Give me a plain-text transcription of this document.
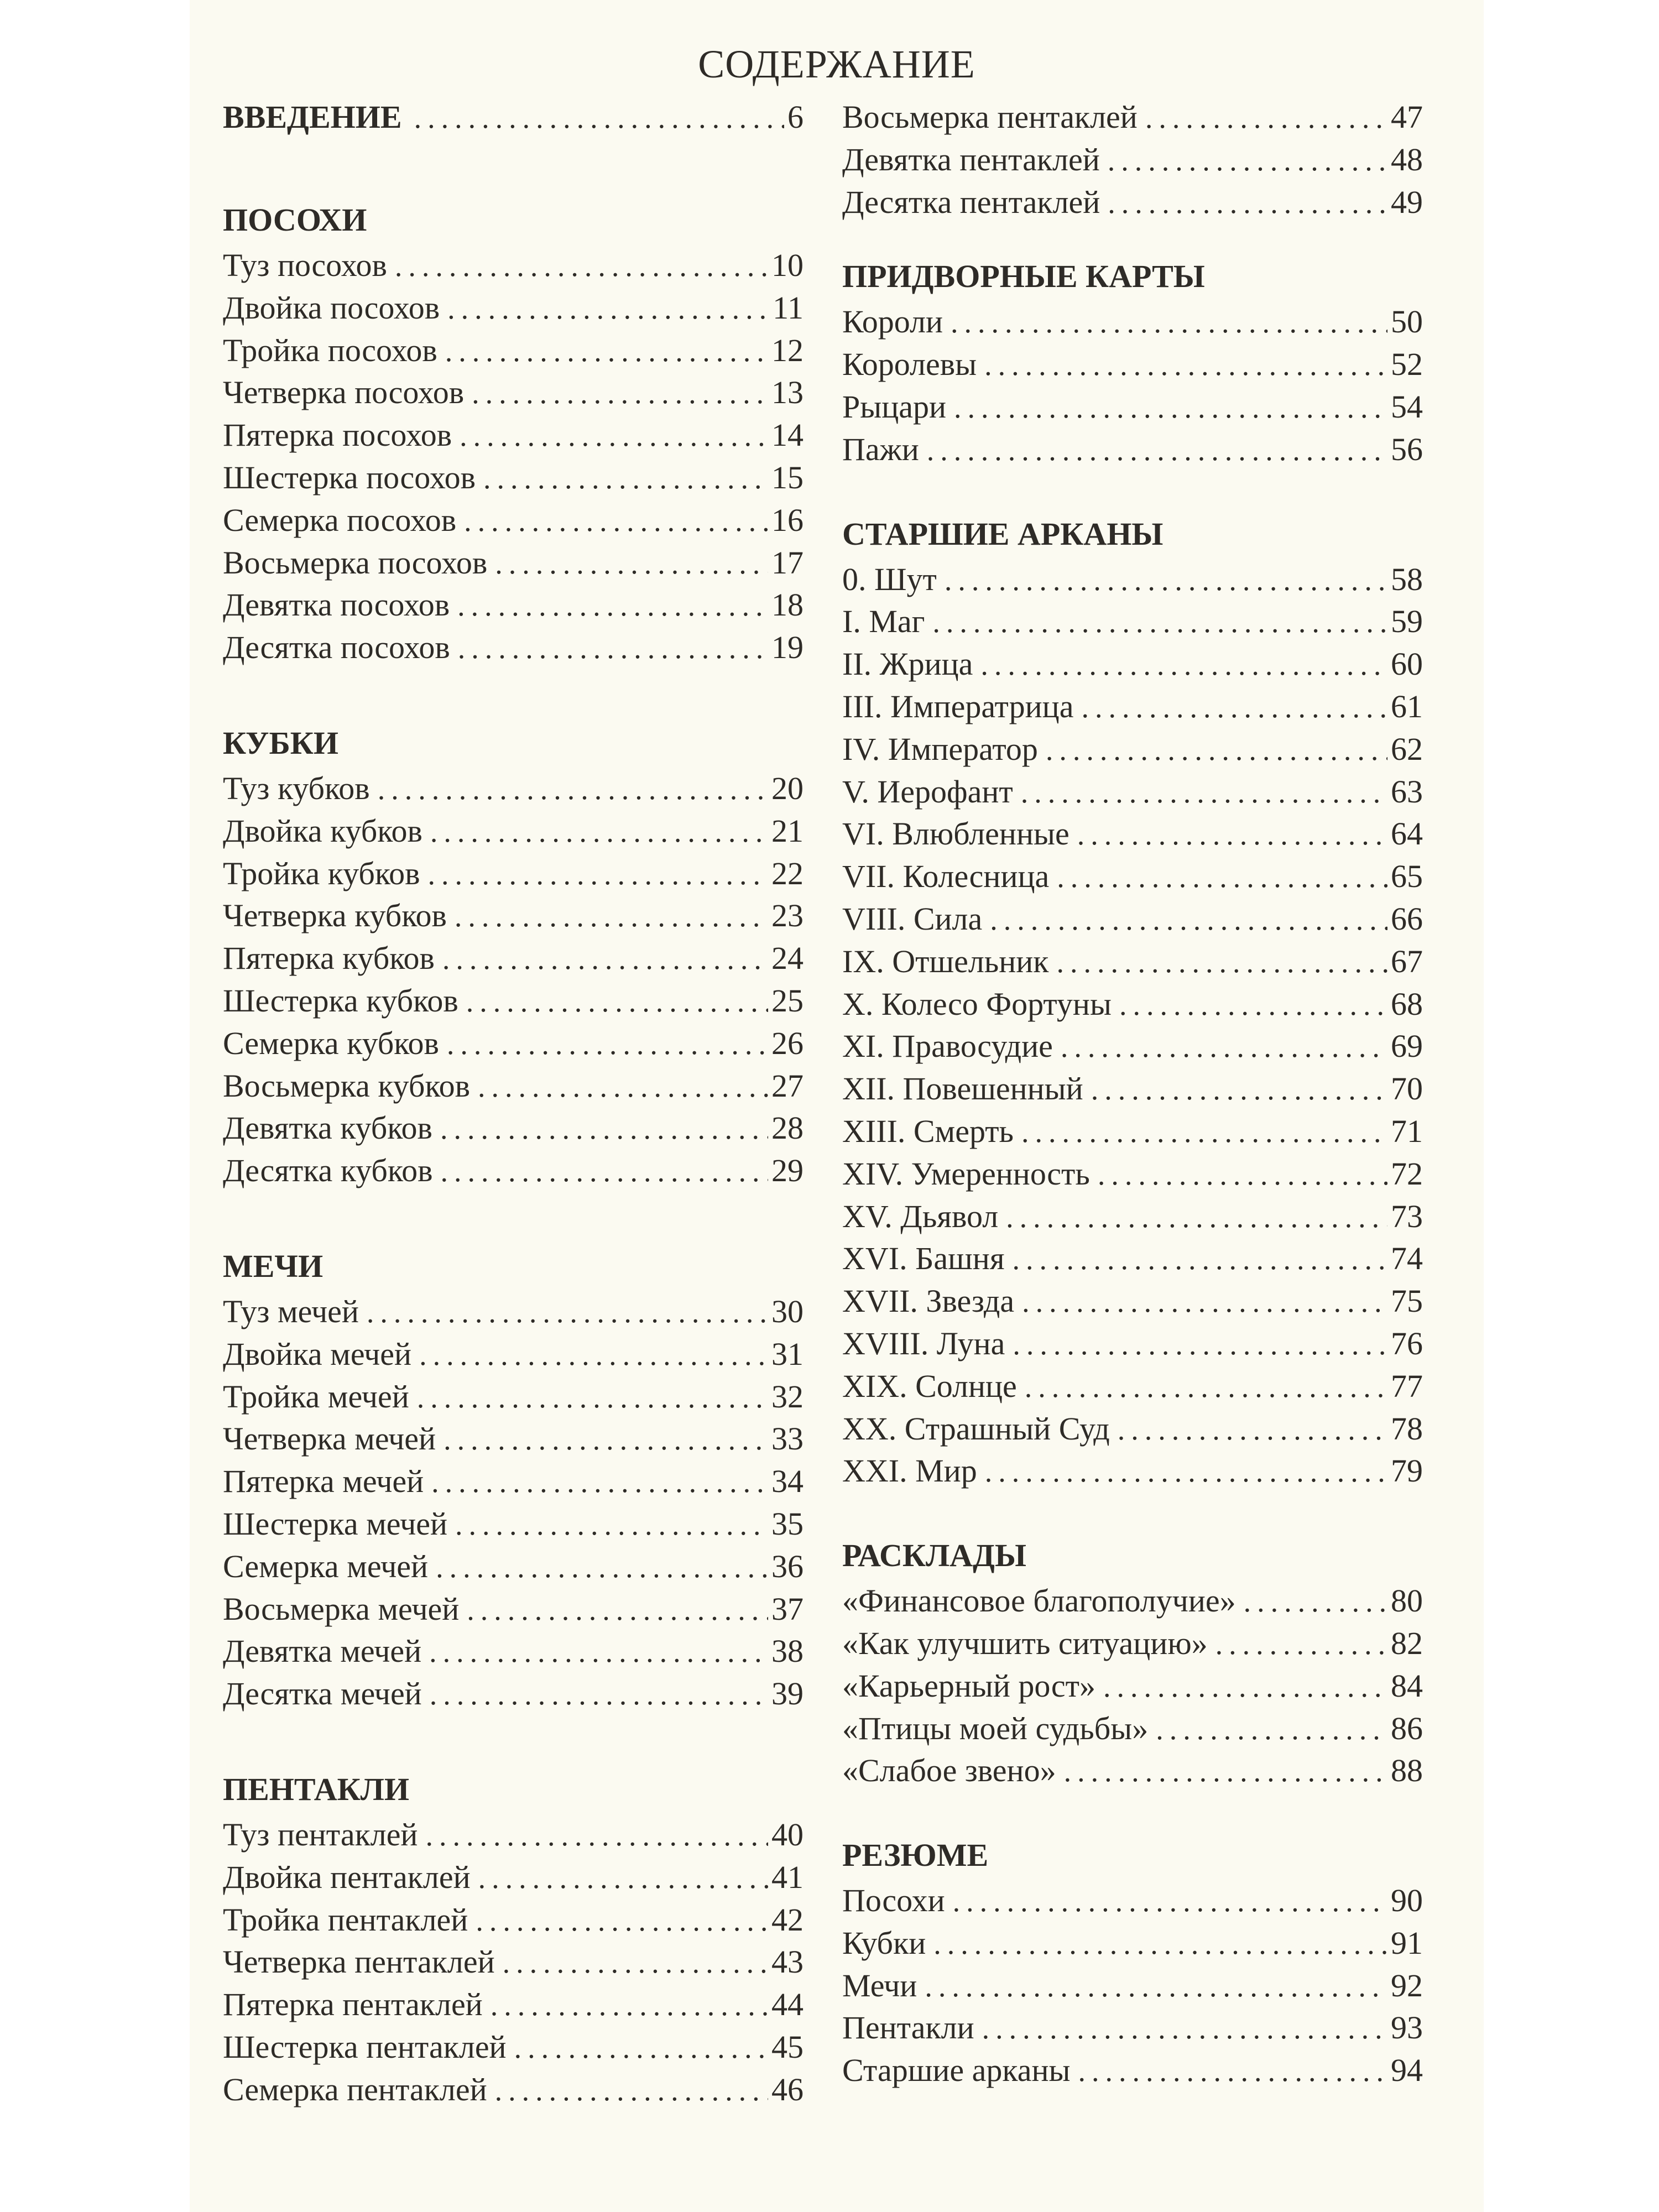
СОДЕРЖАНИЕ
ВВЕДЕНИЕ .....	6
ПОСОХИ
Туз посохов .....	10
Двойка посохов .....	11
Тройка посохов .....	12
Четверка посохов .....	13
Пятерка посохов .....	14
Шестерка посохов .....	15
Семерка посохов .....	16
Восьмерка посохов .....	17
Девятка посохов .....	18
Десятка посохов .....	19
КУБКИ
Туз кубков .....	20
Двойка кубков .....	21
Тройка кубков .....	22
Четверка кубков .....	23
Пятерка кубков .....	24
Шестерка кубков .....	25
Семерка кубков .....	26
Восьмерка кубков .....	27
Девятка кубков .....	28
Десятка кубков .....	29
МЕЧИ
Туз мечей .....	30
Двойка мечей .....	31
Тройка мечей .....	32
Четверка мечей .....	33
Пятерка мечей .....	34
Шестерка мечей .....	35
Семерка мечей .....	36
Восьмерка мечей .....	37
Девятка мечей .....	38
Десятка мечей .....	39
ПЕНТАКЛИ
Туз пентаклей .....	40
Двойка пентаклей .....	41
Тройка пентаклей .....	42
Четверка пентаклей .....	43
Пятерка пентаклей .....	44
Шестерка пентаклей .....	45
Семерка пентаклей .....	46
Восьмерка пентаклей .....	47
Девятка пентаклей .....	48
Десятка пентаклей .....	49
ПРИДВОРНЫЕ КАРТЫ
Короли .....	50
Королевы .....	52
Рыцари .....	54
Пажи .....	56
СТАРШИЕ АРКАНЫ
0. Шут .....	58
I. Маг .....	59
II. Жрица .....	60
III. Императрица .....	61
IV. Император .....	62
V. Иерофант .....	63
VI. Влюбленные .....	64
VII. Колесница .....	65
VIII. Сила .....	66
IX. Отшельник .....	67
X. Колесо Фортуны .....	68
XI. Правосудие .....	69
XII. Повешенный .....	70
XIII. Смерть .....	71
XIV. Умеренность .....	72
XV. Дьявол .....	73
XVI. Башня .....	74
XVII. Звезда .....	75
XVIII. Луна .....	76
XIX. Солнце .....	77
XX. Страшный Суд .....	78
XXI. Мир .....	79
РАСКЛАДЫ
«Финансовое благополучие» .....	80
«Как улучшить ситуацию» .....	82
«Карьерный рост» .....	84
«Птицы моей судьбы» .....	86
«Слабое звено» .....	88
РЕЗЮМЕ
Посохи .....	90
Кубки .....	91
Мечи .....	92
Пентакли .....	93
Старшие арканы .....	94
